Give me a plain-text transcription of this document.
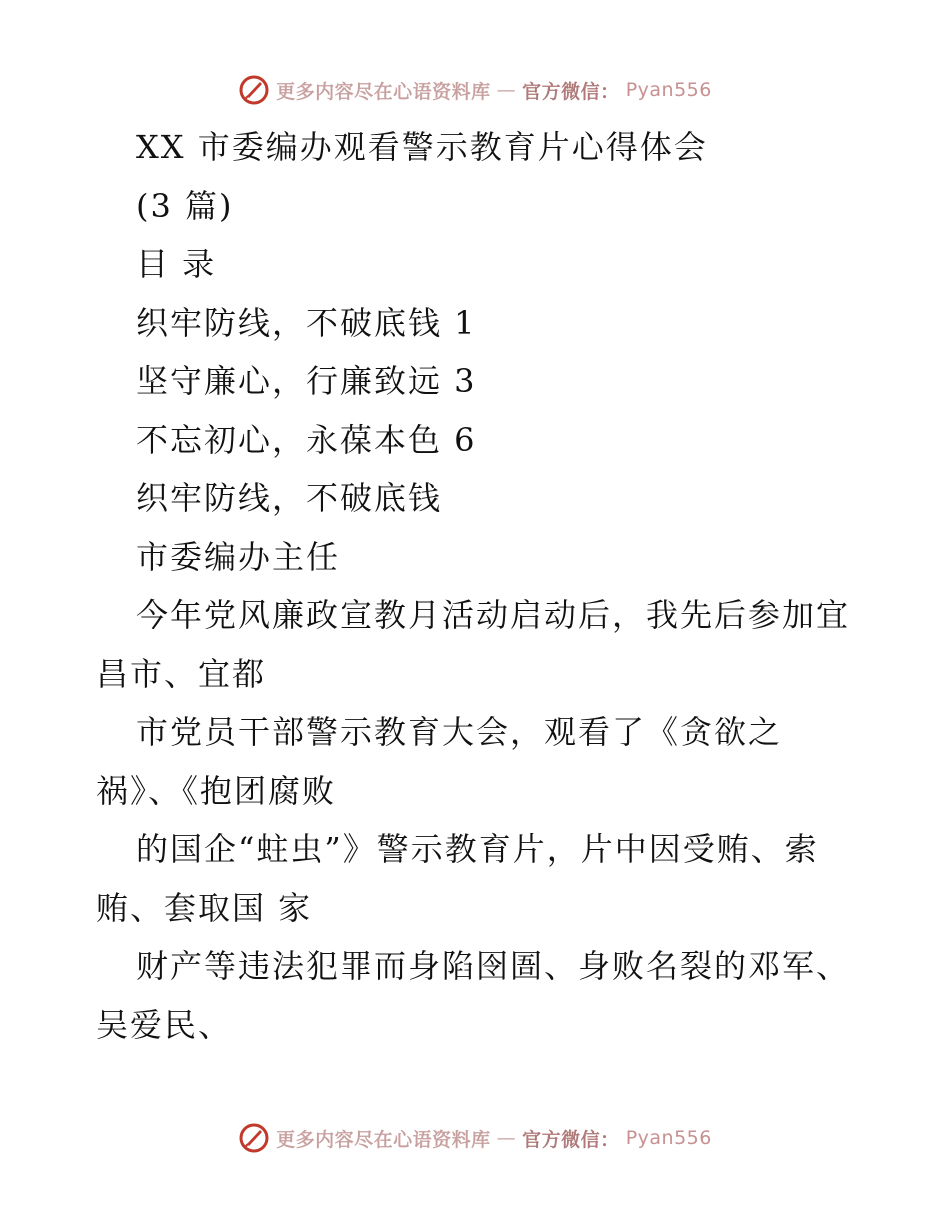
更多内容尽在心语资料库 — 官方微信： Pyan556
XX 市委编办观看警示教育片心得体会
(3 篇)
目 录
织牢防线，不破底钱 1
坚守廉心，行廉致远 3
不忘初心，永葆本色 6
织牢防线，不破底钱
市委编办主任
今年党风廉政宣教月活动启动后，我先后参加宜
昌市、宜都
市党员干部警示教育大会，观看了《贪欲之
祸》、《抱团腐败
的国企“蛀虫”》警示教育片，片中因受贿、索
贿、套取国 家
财产等违法犯罪而身陷囹圄、身败名裂的邓军、
吴爱民、
更多内容尽在心语资料库 — 官方微信： Pyan556
